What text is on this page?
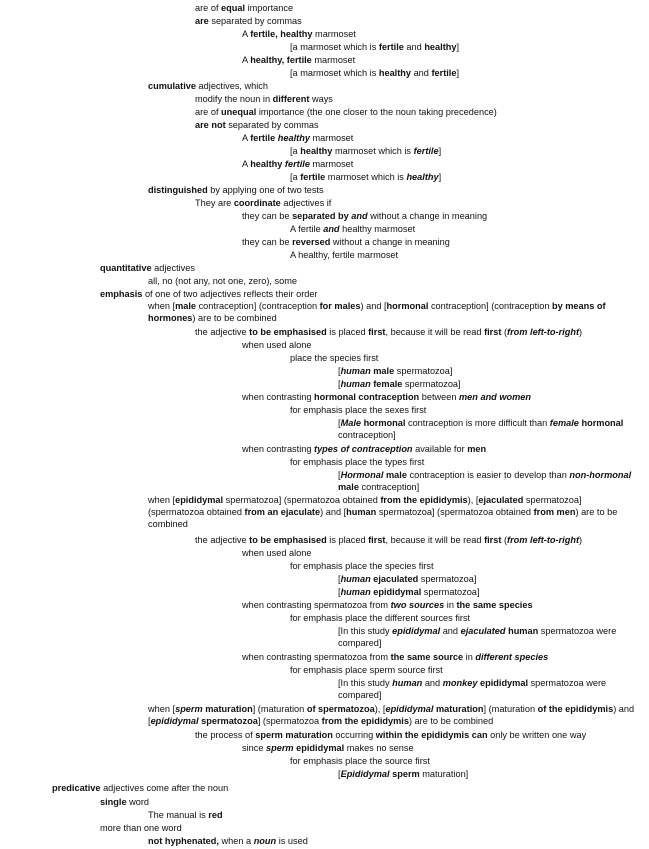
are of equal importance
are separated by commas
A fertile, healthy marmoset
[a marmoset which is fertile and healthy]
A healthy, fertile marmoset
[a marmoset which is healthy and fertile]
cumulative adjectives, which
modify the noun in different ways
are of unequal importance (the one closer to the noun taking precedence)
are not separated by commas
A fertile healthy marmoset
[a healthy marmoset which is fertile]
A healthy fertile marmoset
[a fertile marmoset which is healthy]
distinguished by applying one of two tests
They are coordinate adjectives if
they can be separated by and without a change in meaning
A fertile and healthy marmoset
they can be reversed without a change in meaning
A healthy, fertile marmoset
quantitative adjectives
all, no (not any, not one, zero), some
emphasis of one of two adjectives reflects their order
when [male contraception] (contraception for males) and [hormonal contraception] (contraception by means of hormones) are to be combined
the adjective to be emphasised is placed first, because it will be read first (from left-to-right)
when used alone
place the species first
[human male spermatozoa]
[human female spermatozoa]
when contrasting hormonal contraception between men and women
for emphasis place the sexes first
[Male hormonal contraception is more difficult than female hormonal contraception]
when contrasting types of contraception available for men
for emphasis place the types first
[Hormonal male contraception is easier to develop than non-hormonal male contraception]
when [epididymal spermatozoa] (spermatozoa obtained from the epididymis), [ejaculated spermatozoa] (spermatozoa obtained from an ejaculate) and [human spermatozoa] (spermatozoa obtained from men) are to be combined
the adjective to be emphasised is placed first, because it will be read first (from left-to-right)
when used alone
for emphasis place the species first
[human ejaculated spermatozoa]
[human epididymal spermatozoa]
when contrasting spermatozoa from two sources in the same species
for emphasis place the different sources first
[In this study epididymal and ejaculated human spermatozoa were compared]
when contrasting spermatozoa from the same source in different species
for emphasis place sperm source first
[In this study human and monkey epididymal spermatozoa were compared]
when [sperm maturation] (maturation of spermatozoa), [epididymal maturation] (maturation of the epididymis) and [epididymal spermatozoa] (spermatozoa from the epididymis) are to be combined
the process of sperm maturation occurring within the epididymis can only be written one way
since sperm epididymal makes no sense
for emphasis place the source first
[Epididymal sperm maturation]
predicative adjectives come after the noun
single word
The manual is red
more than one word
not hyphenated, when a noun is used
